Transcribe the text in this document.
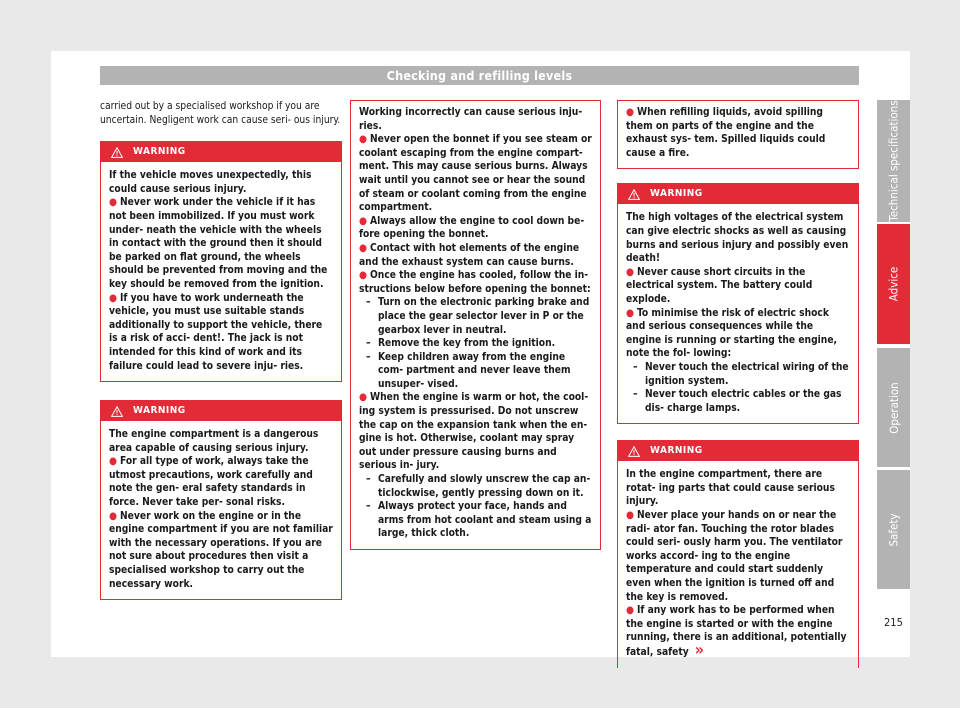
Checking and refilling levels

carried out by a specialised workshop if you are uncertain. Negligent work can cause seri- ous injury.

WARNING
If the vehicle moves unexpectedly, this could cause serious injury.
● Never work under the vehicle if it has not been immobilized. If you must work under- neath the vehicle with the wheels in contact with the ground then it should be parked on flat ground, the wheels should be prevented from moving and the key should be removed from the ignition.
● If you have to work underneath the vehicle, you must use suitable stands additionally to support the vehicle, there is a risk of acci- dent!. The jack is not intended for this kind of work and its failure could lead to severe inju- ries.
WARNING
The engine compartment is a dangerous area capable of causing serious injury.
● For all type of work, always take the utmost precautions, work carefully and note the gen- eral safety standards in force. Never take per- sonal risks.
● Never work on the engine or in the engine compartment if you are not familiar with the necessary operations. If you are not sure about procedures then visit a specialised workshop to carry out the necessary work.
Working incorrectly can cause serious inju- ries.
● Never open the bonnet if you see steam or coolant escaping from the engine compart- ment. This may cause serious burns. Always wait until you cannot see or hear the sound of steam or coolant coming from the engine compartment.
● Always allow the engine to cool down be- fore opening the bonnet.
● Contact with hot elements of the engine and the exhaust system can cause burns.
● Once the engine has cooled, follow the in- structions below before opening the bonnet:
– Turn on the electronic parking brake and place the gear selector lever in P or the gearbox lever in neutral.
– Remove the key from the ignition.
– Keep children away from the engine com- partment and never leave them unsuper- vised.
● When the engine is warm or hot, the cool- ing system is pressurised. Do not unscrew the cap on the expansion tank when the en- gine is hot. Otherwise, coolant may spray out under pressure causing burns and serious in- jury.
– Carefully and slowly unscrew the cap an- ticlockwise, gently pressing down on it.
– Always protect your face, hands and arms from hot coolant and steam using a large, thick cloth.
● When refilling liquids, avoid spilling them on parts of the engine and the exhaust sys- tem. Spilled liquids could cause a fire.
WARNING
The high voltages of the electrical system can give electric shocks as well as causing burns and serious injury and possibly even death!
● Never cause short circuits in the electrical system. The battery could explode.
● To minimise the risk of electric shock and serious consequences while the engine is running or starting the engine, note the fol- lowing:
– Never touch the electrical wiring of the ignition system.
– Never touch electric cables or the gas dis- charge lamps.
WARNING
In the engine compartment, there are rotat- ing parts that could cause serious injury.
● Never place your hands on or near the radi- ator fan. Touching the rotor blades could seri- ously harm you. The ventilator works accord- ing to the engine temperature and could start suddenly even when the ignition is turned off and the key is removed.
● If any work has to be performed when the engine is started or with the engine running, there is an additional, potentially fatal, safety »
Technical specifications
Advice
Operation
Safety
215
